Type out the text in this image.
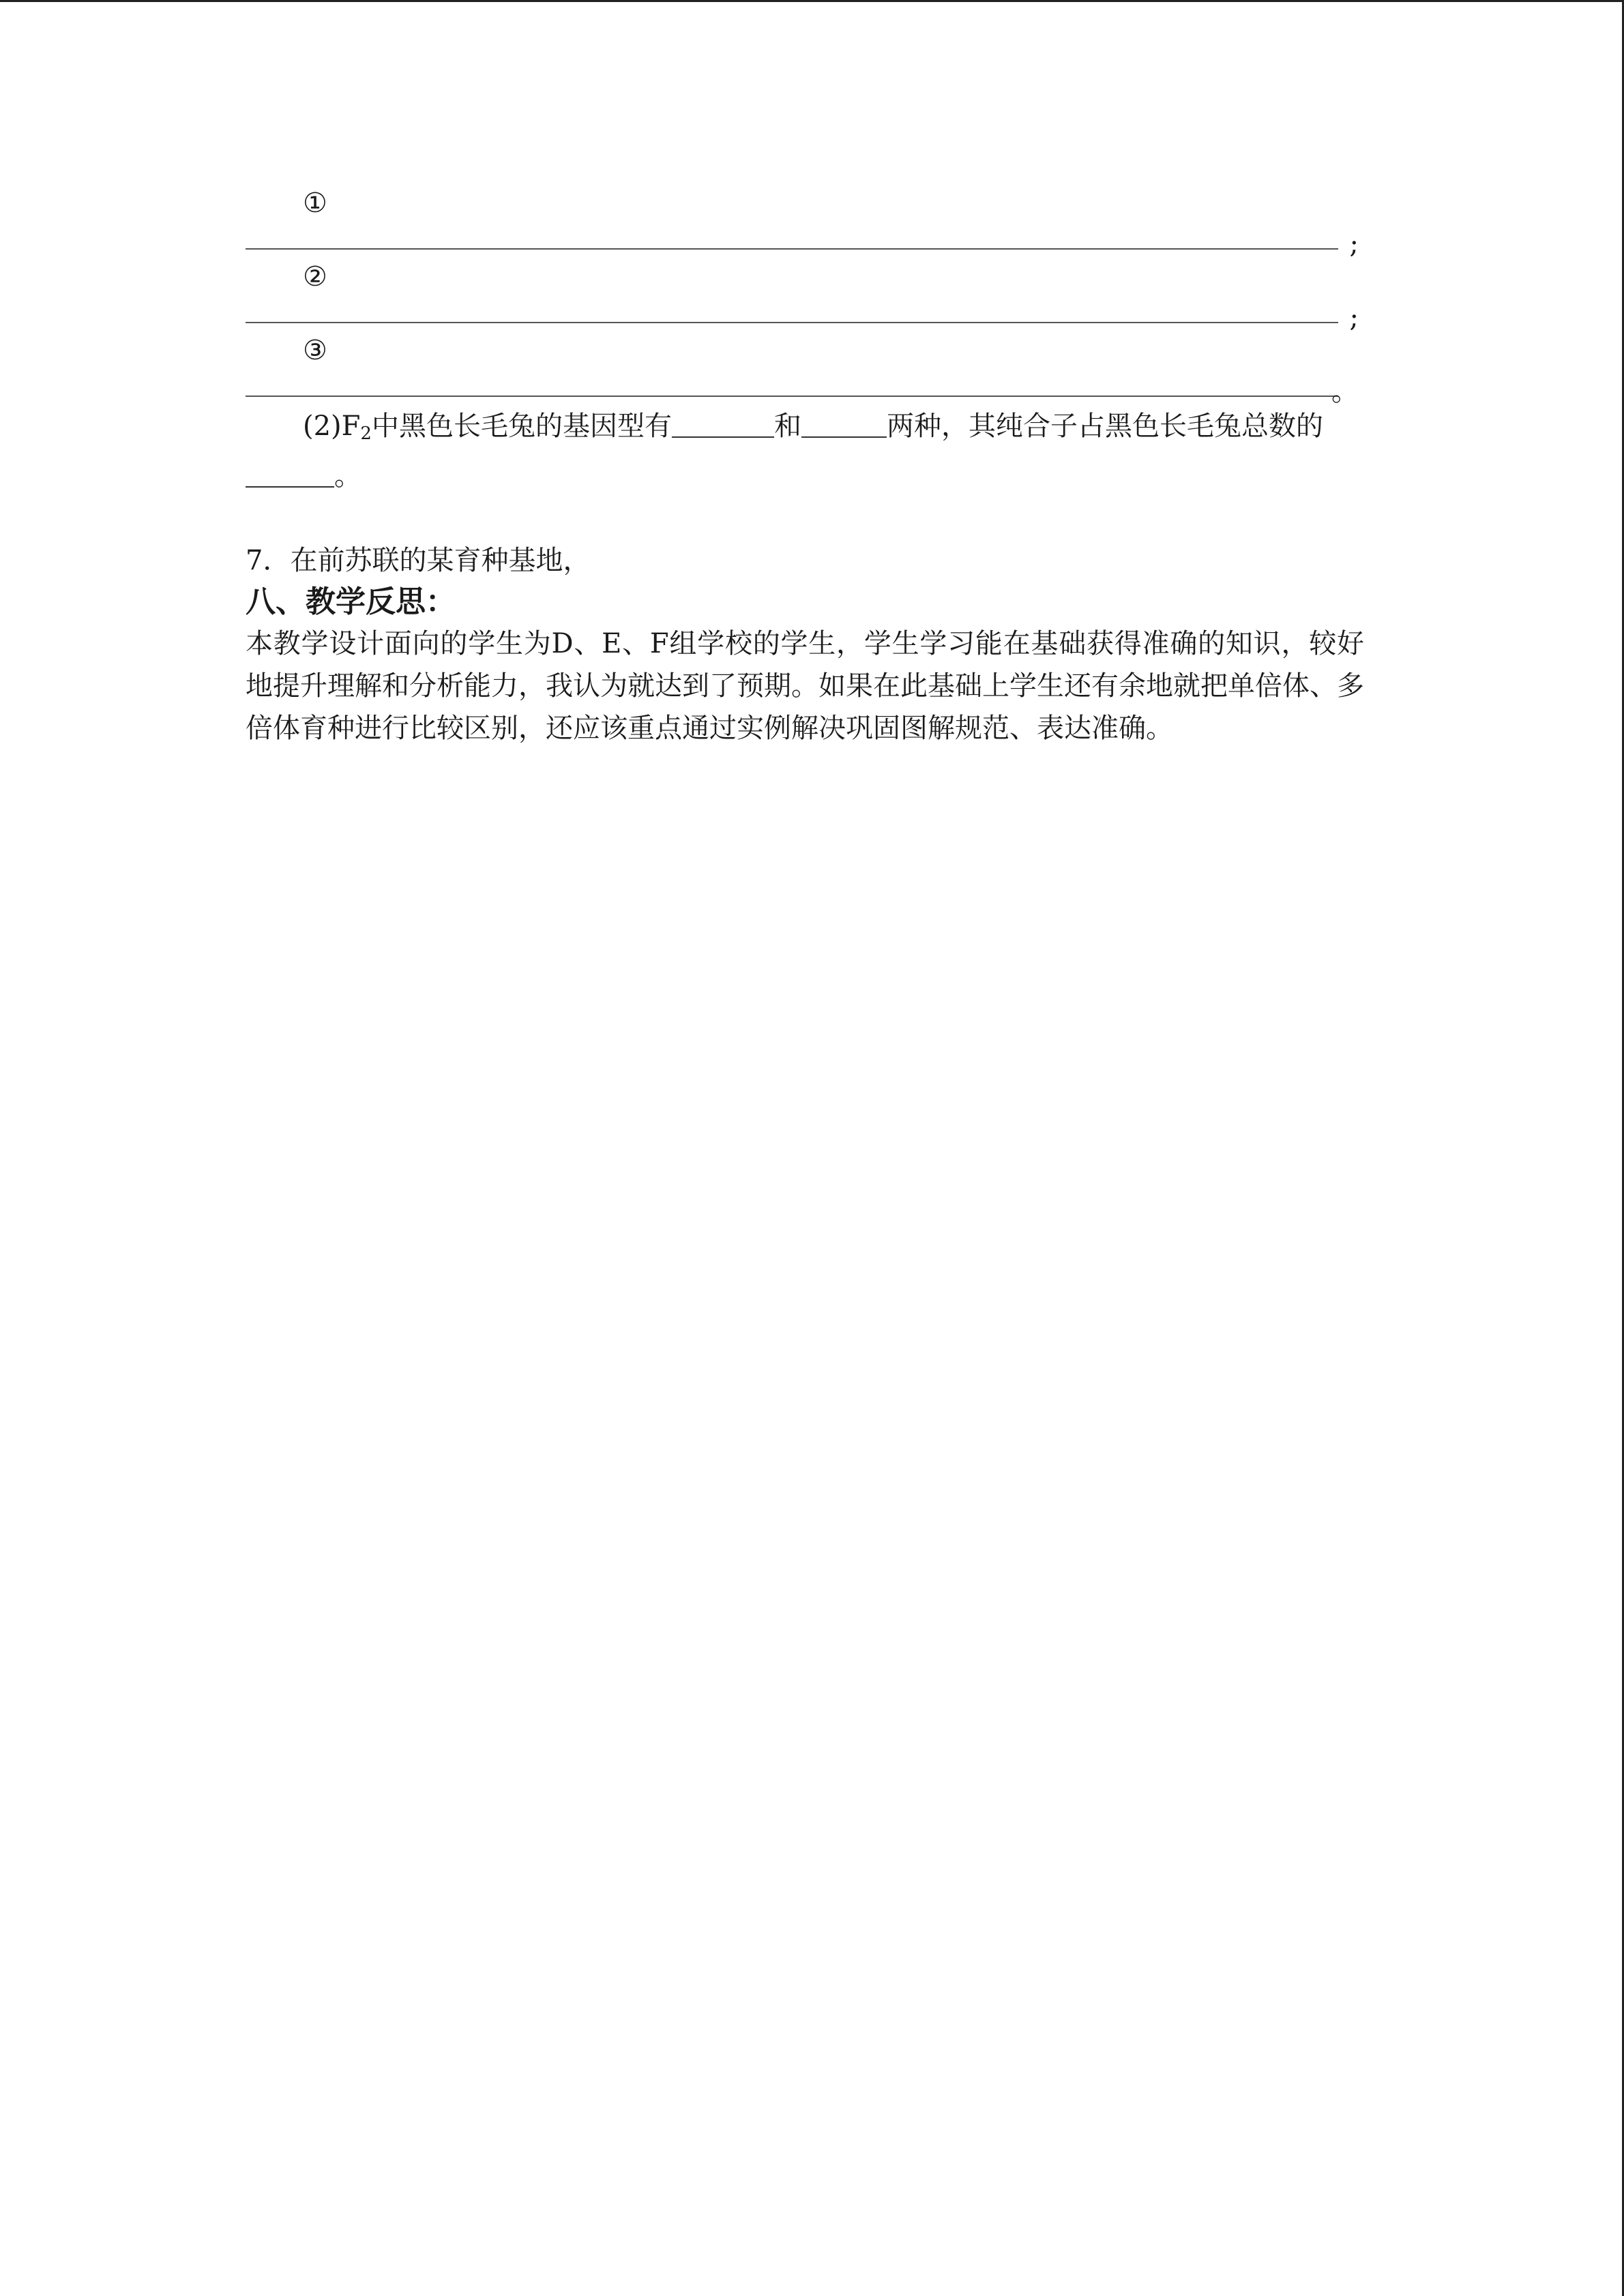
①
;
②
;
③
。
$(2)F_2$中黑色长毛兔的基因型有	和	两种，其纯合子占黑色长毛兔总数的
。
7．在前苏联的某育种基地，
八、教学反思：
本教学设计面向的学生为D、E、F组学校的学生，学生学习能在基础获得准确的知识，较好地提升理解和分析能力，我认为就达到了预期。如果在此基础上学生还有余地就把单倍体、多倍体育种进行比较区别，还应该重点通过实例解决巩固图解规范、表达准确。
